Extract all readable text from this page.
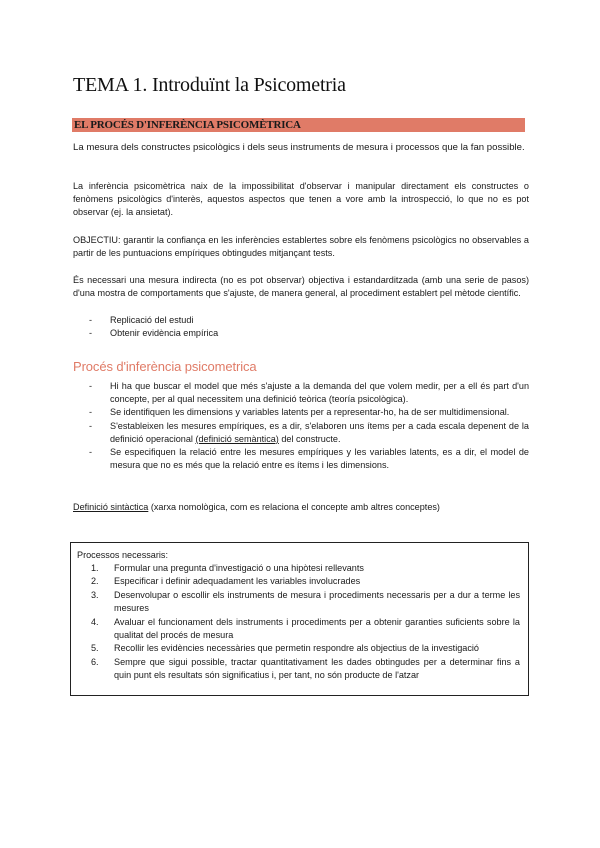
TEMA 1. Introduïnt la Psicometria
EL PROCÉS D'INFERÈNCIA PSICOMÈTRICA
La mesura dels constructes psicològics i dels seus instruments de mesura i processos que la fan possible.
La inferència psicomètrica naix de la impossibilitat d'observar i manipular directament els constructes o fenòmens psicològics d'interès, aquestos aspectos que tenen a vore amb la introspecció, lo que no es pot observar (ej. la ansietat).
OBJECTIU: garantir la confiança en les inferències establertes sobre els fenòmens psicològics no observables a partir de les puntuacions empíriques obtingudes mitjançant tests.
És necessari una mesura indirecta (no es pot observar) objectiva i estandarditzada (amb una serie de pasos) d'una mostra de comportaments que s'ajuste, de manera general, al procediment establert pel mètode científic.
- Replicació del estudi
- Obtenir evidència empírica
Procés d'inferència psicometrica
- Hi ha que buscar el model que més s'ajuste a la demanda del que volem medir, per a ell és part d'un concepte, per al qual necessitem una definició teòrica (teoría psicològica).
- Se identifiquen les dimensions y variables latents per a representar-ho, ha de ser multidimensional.
- S'estableixen les mesures empíriques, es a dir, s'elaboren uns ítems per a cada escala depenent de la definició operacional (definició semàntica) del constructe.
- Se especifiquen la relació entre les mesures empíriques y les variables latents, es a dir, el model de mesura que no es més que la relació entre es ítems i les dimensions.
Definició sintàctica (xarxa nomològica, com es relaciona el concepte amb altres conceptes)
Processos necessaris:
1. Formular una pregunta d'investigació o una hipòtesi rellevants
2. Especificar i definir adequadament les variables involucrades
3. Desenvolupar o escollir els instruments de mesura i procediments necessaris per a dur a terme les mesures
4. Avaluar el funcionament dels instruments i procediments per a obtenir garanties suficients sobre la qualitat del procés de mesura
5. Recollir les evidències necessàries que permetin respondre als objectius de la investigació
6. Sempre que sigui possible, tractar quantitativament les dades obtingudes per a determinar fins a quin punt els resultats són significatius i, per tant, no són producte de l'atzar
